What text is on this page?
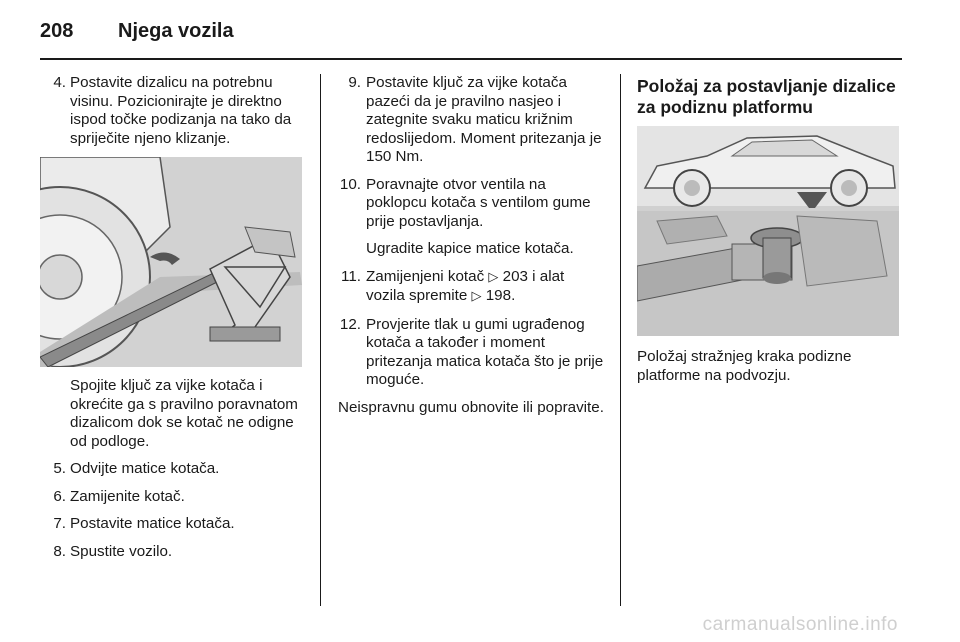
208 Njega vozila
4. Postavite dizalicu na potrebnu visinu. Pozicionirajte je direktno ispod točke podizanja na tako da spriječite njeno klizanje.
Spojite ključ za vijke kotača i okrećite ga s pravilno poravnatom dizalicom dok se kotač ne odigne od podloge.
5. Odvijte matice kotača.
6. Zamijenite kotač.
7. Postavite matice kotača.
8. Spustite vozilo.
9. Postavite ključ za vijke kotača pazeći da je pravilno nasjeo i zategnite svaku maticu križnim redoslijedom. Moment pritezanja je 150 Nm.
10. Poravnajte otvor ventila na poklopcu kotača s ventilom gume prije postavljanja.
Ugradite kapice matice kotača.
11. Zamijenjeni kotač ▷ 203 i alat vozila spremite ▷ 198.
12. Provjerite tlak u gumi ugrađenog kotača a također i moment pritezanja matica kotača što je prije moguće.
Neispravnu gumu obnovite ili popravite.
Položaj za postavljanje dizalice za podiznu platformu
Položaj stražnjeg kraka podizne platforme na podvozju.
carmanualsonline.info
